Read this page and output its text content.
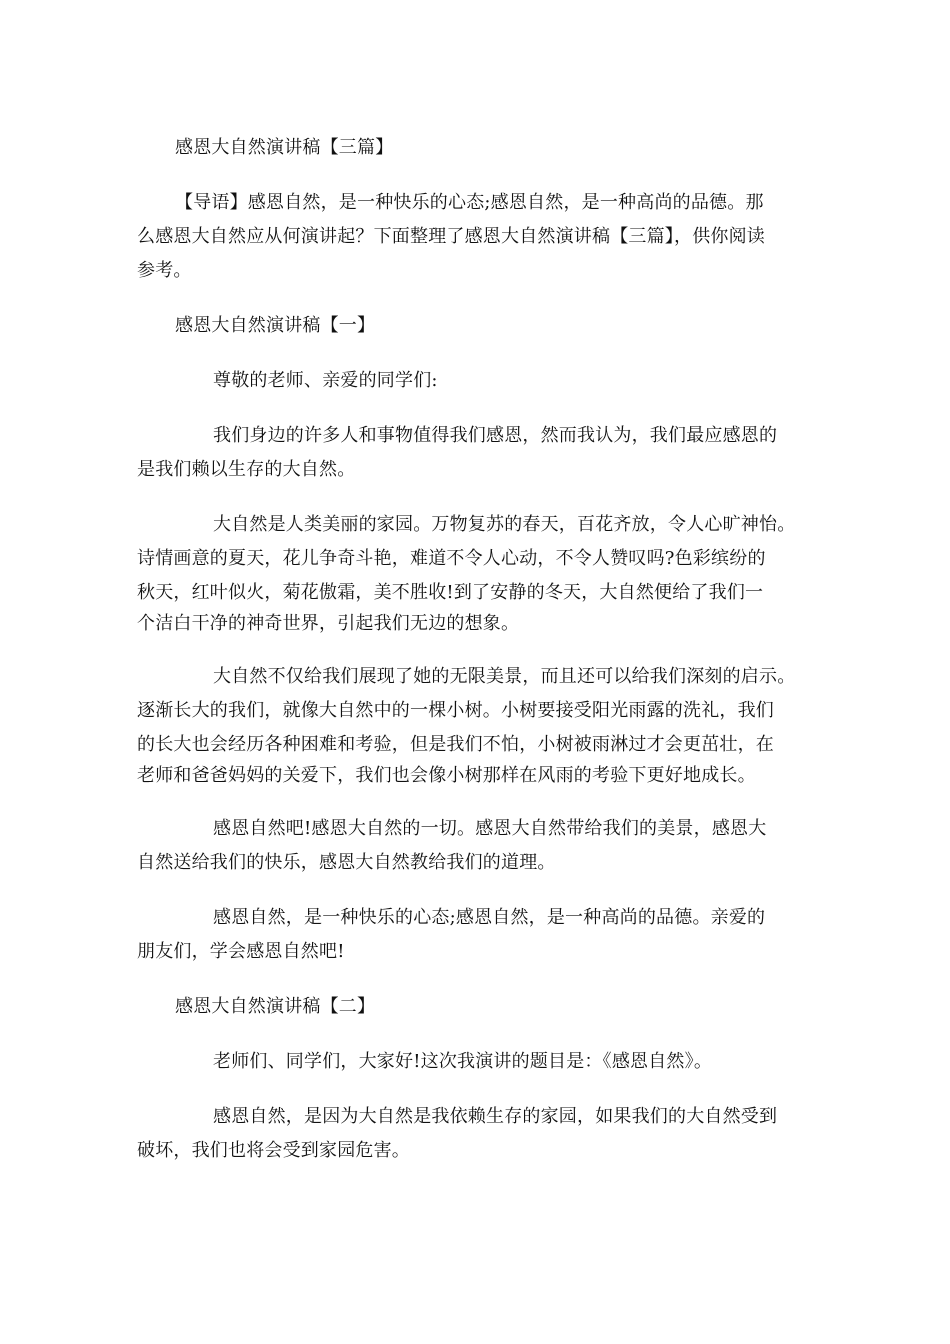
感恩大自然演讲稿【三篇】
【导语】感恩自然，是一种快乐的心态;感恩自然，是一种高尚的品德。那
么感恩大自然应从何演讲起？下面整理了感恩大自然演讲稿【三篇】，供你阅读
参考。
感恩大自然演讲稿【一】
尊敬的老师、亲爱的同学们:
我们身边的许多人和事物值得我们感恩，然而我认为，我们最应感恩的
是我们赖以生存的大自然。
大自然是人类美丽的家园。万物复苏的春天，百花齐放，令人心旷神怡。
诗情画意的夏天，花儿争奇斗艳，难道不令人心动，不令人赞叹吗?色彩缤纷的
秋天，红叶似火，菊花傲霜，美不胜收!到了安静的冬天，大自然便给了我们一
个洁白干净的神奇世界，引起我们无边的想象。
大自然不仅给我们展现了她的无限美景，而且还可以给我们深刻的启示。
逐渐长大的我们，就像大自然中的一棵小树。小树要接受阳光雨露的洗礼，我们
的长大也会经历各种困难和考验，但是我们不怕，小树被雨淋过才会更茁壮，在
老师和爸爸妈妈的关爱下，我们也会像小树那样在风雨的考验下更好地成长。
感恩自然吧!感恩大自然的一切。感恩大自然带给我们的美景，感恩大
自然送给我们的快乐，感恩大自然教给我们的道理。
感恩自然，是一种快乐的心态;感恩自然，是一种高尚的品德。亲爱的
朋友们，学会感恩自然吧!
感恩大自然演讲稿【二】
老师们、同学们，大家好!这次我演讲的题目是：《感恩自然》。
感恩自然，是因为大自然是我依赖生存的家园，如果我们的大自然受到
破坏，我们也将会受到家园危害。
